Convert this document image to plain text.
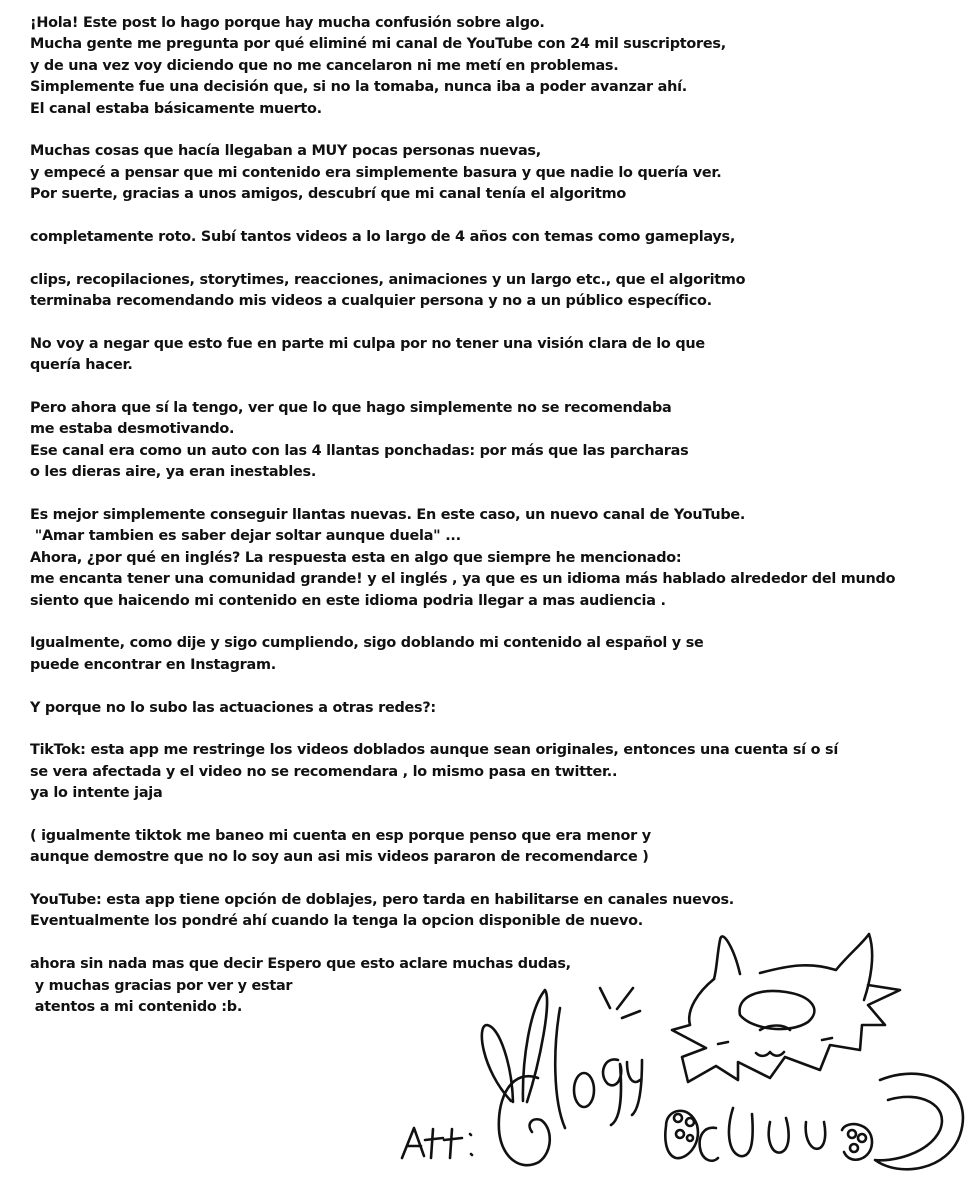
¡Hola! Este post lo hago porque hay mucha confusión sobre algo.
Mucha gente me pregunta por qué eliminé mi canal de YouTube con 24 mil suscriptores,
y de una vez voy diciendo que no me cancelaron ni me metí en problemas.
Simplemente fue una decisión que, si no la tomaba, nunca iba a poder avanzar ahí.
El canal estaba básicamente muerto.
Muchas cosas que hacía llegaban a MUY pocas personas nuevas,
y empecé a pensar que mi contenido era simplemente basura y que nadie lo quería ver.
Por suerte, gracias a unos amigos, descubrí que mi canal tenía el algoritmo
completamente roto. Subí tantos videos a lo largo de 4 años con temas como gameplays,
clips, recopilaciones, storytimes, reacciones, animaciones y un largo etc., que el algoritmo
terminaba recomendando mis videos a cualquier persona y no a un público específico.
No voy a negar que esto fue en parte mi culpa por no tener una visión clara de lo que
quería hacer.
Pero ahora que sí la tengo, ver que lo que hago simplemente no se recomendaba
me estaba desmotivando.
Ese canal era como un auto con las 4 llantas ponchadas: por más que las parcharas
o les dieras aire, ya eran inestables.
Es mejor simplemente conseguir llantas nuevas. En este caso, un nuevo canal de YouTube.
"Amar tambien es saber dejar soltar aunque duela" ...
Ahora, ¿por qué en inglés? La respuesta esta en algo que siempre he mencionado:
me encanta tener una comunidad grande! y el inglés , ya que es un idioma más hablado alrededor del mundo
siento que haicendo mi contenido en este idioma podria llegar a mas audiencia .
Igualmente, como dije y sigo cumpliendo, sigo doblando mi contenido al español y se
puede encontrar en Instagram.
Y porque no lo subo las actuaciones a otras redes?:
TikTok: esta app me restringe los videos doblados aunque sean originales, entonces una cuenta sí o sí
se vera afectada y el video no se recomendara , lo mismo pasa en twitter..
ya lo intente jaja
( igualmente tiktok me baneo mi cuenta en esp porque penso que era menor y
aunque demostre que no lo soy aun asi mis videos pararon de recomendarce )
YouTube: esta app tiene opción de doblajes, pero tarda en habilitarse en canales nuevos.
Eventualmente los pondré ahí cuando la tenga la opcion disponible de nuevo.
ahora sin nada mas que decir Espero que esto aclare muchas dudas,
y muchas gracias por ver y estar
atentos a mi contenido :b.
